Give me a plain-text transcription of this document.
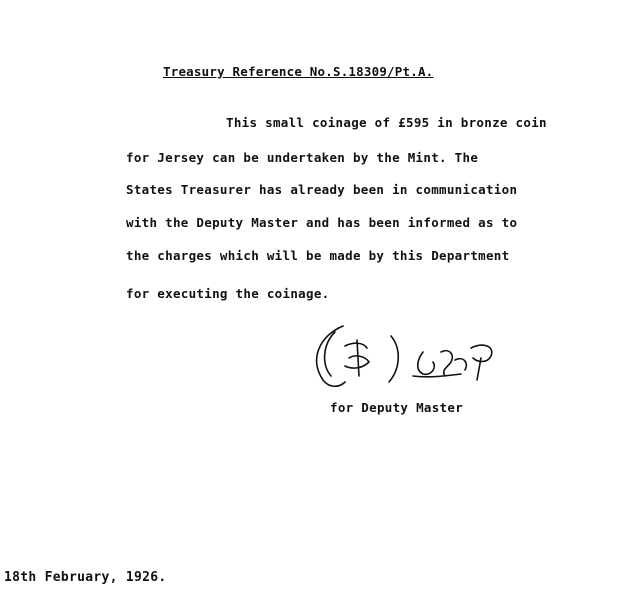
Treasury Reference No.S.18309/Pt.A.
This small coinage of £595 in bronze coin
for Jersey can be undertaken by the Mint. The
States Treasurer has already been in communication
with the Deputy Master and has been informed as to
the charges which will be made by this Department
for executing the coinage.
for Deputy Master
18th February, 1926.
